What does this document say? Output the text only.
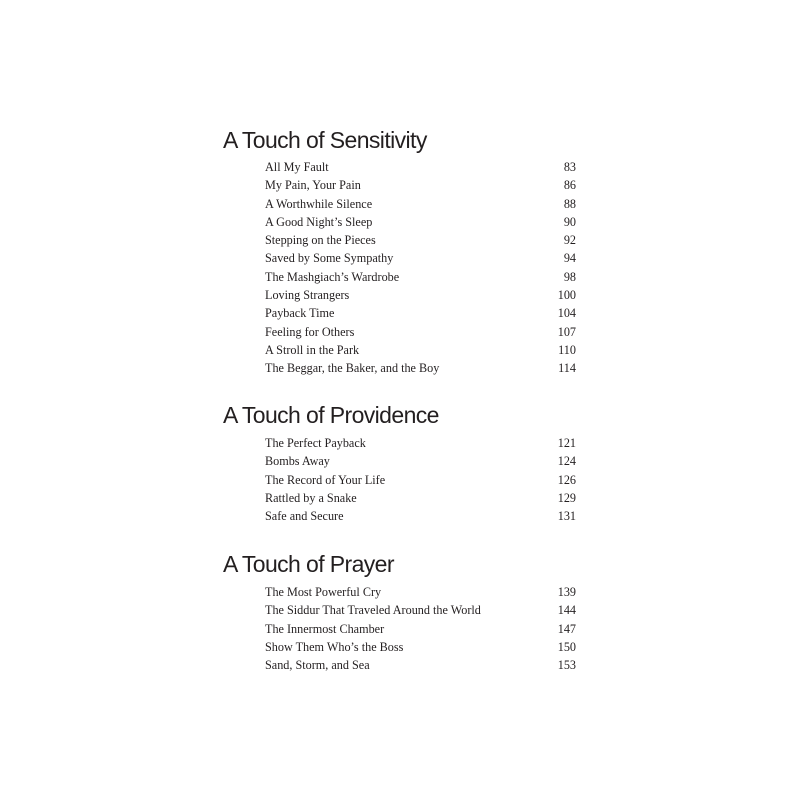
A Touch of Sensitivity
All My Fault	83
My Pain, Your Pain	86
A Worthwhile Silence	88
A Good Night’s Sleep	90
Stepping on the Pieces	92
Saved by Some Sympathy	94
The Mashgiach’s Wardrobe	98
Loving Strangers	100
Payback Time	104
Feeling for Others	107
A Stroll in the Park	110
The Beggar, the Baker, and the Boy	114
A Touch of Providence
The Perfect Payback	121
Bombs Away	124
The Record of Your Life	126
Rattled by a Snake	129
Safe and Secure	131
A Touch of Prayer
The Most Powerful Cry	139
The Siddur That Traveled Around the World	144
The Innermost Chamber	147
Show Them Who’s the Boss	150
Sand, Storm, and Sea	153
